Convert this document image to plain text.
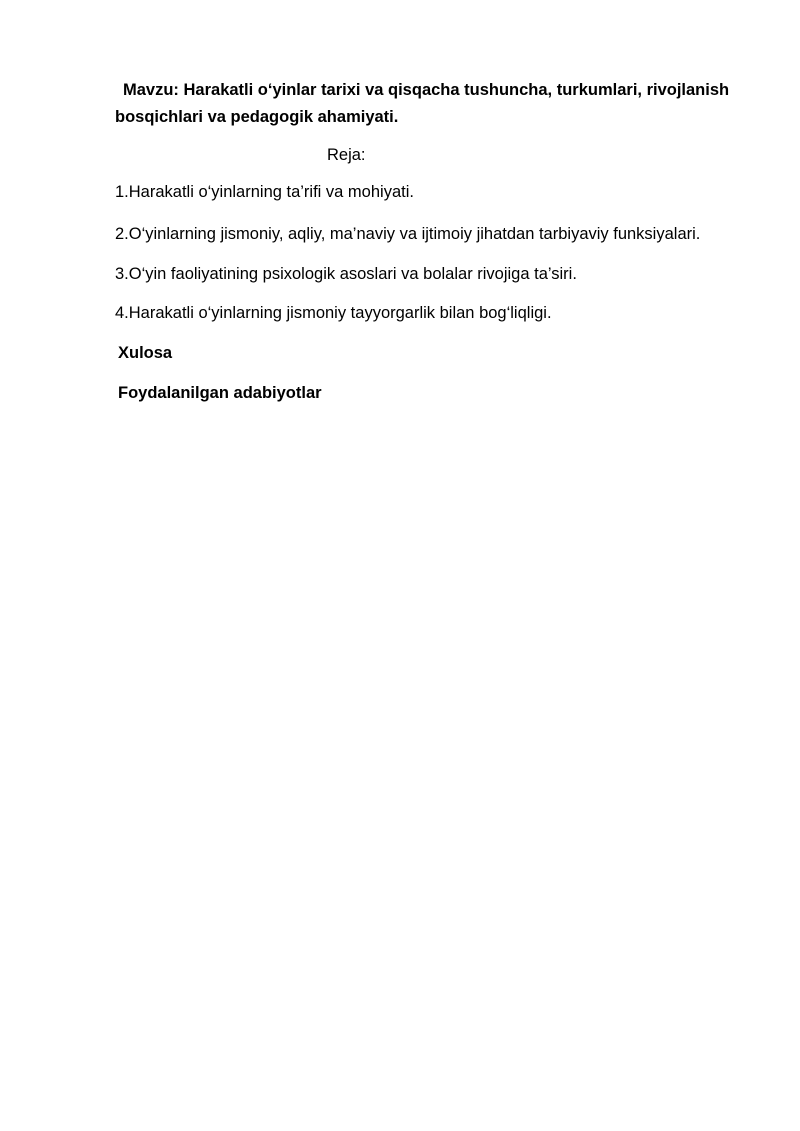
Mavzu: Harakatli o‘yinlar tarixi va qisqacha tushuncha, turkumlari, rivojlanish bosqichlari va pedagogik ahamiyati.

Reja:

1.Harakatli o‘yinlarning ta’rifi va mohiyati.

2.O‘yinlarning jismoniy, aqliy, ma’naviy va ijtimoiy jihatdan tarbiyaviy funksiyalari.

3.O‘yin faoliyatining psixologik asoslari va bolalar rivojiga ta’siri.

4.Harakatli o‘yinlarning jismoniy tayyorgarlik bilan bog‘liqligi.

Xulosa

Foydalanilgan adabiyotlar
